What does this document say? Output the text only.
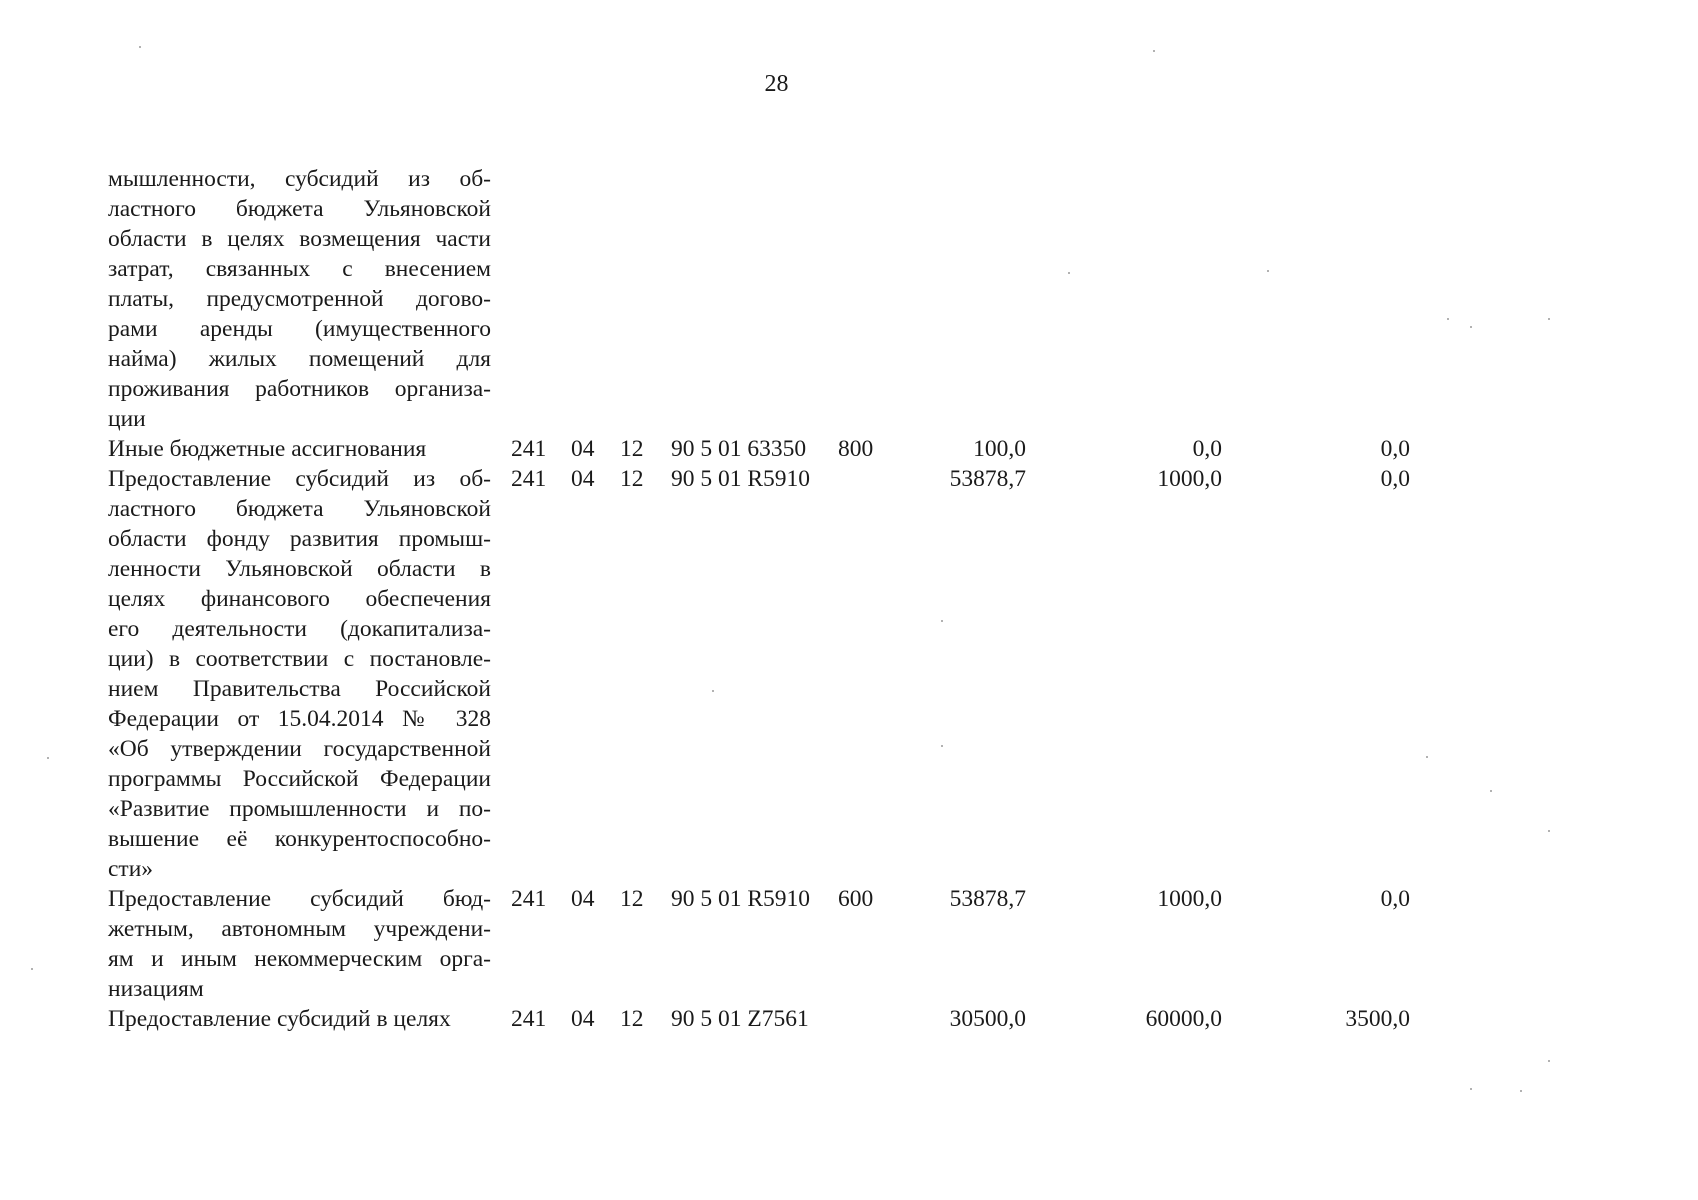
28
мышленности, субсидий из об-
ластного бюджета Ульяновской
области в целях возмещения части
затрат, связанных с внесением
платы, предусмотренной догово-
рами аренды (имущественного
найма) жилых помещений для
проживания работников организа-
ции
Иные бюджетные ассигнования	241 04 12 90 5 01 63350 800	100,0	0,0	0,0
Предоставление субсидий из об-
ластного бюджета Ульяновской
области фонду развития промыш-
ленности Ульяновской области в
целях финансового обеспечения
его деятельности (докапитализа-
ции) в соответствии с постановле-
нием Правительства Российской
Федерации от 15.04.2014 № 328
«Об утверждении государственной
программы Российской Федерации
«Развитие промышленности и по-
вышение её конкурентоспособно-
сти»
241 04 12 90 5 01 R5910	53878,7	1000,0	0,0
Предоставление субсидий бюд-
жетным, автономным учреждени-
ям и иным некоммерческим орга-
низациям
241 04 12 90 5 01 R5910 600	53878,7	1000,0	0,0
Предоставление субсидий в целях	241 04 12 90 5 01 Z7561	30500,0	60000,0	3500,0
